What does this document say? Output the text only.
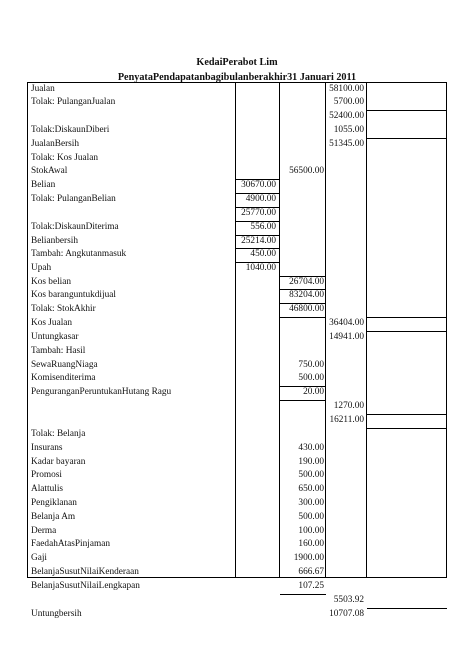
KedaiPerabot Lim
PenyataPendapatanbagibulanberakhir31 Januari 2011
Jualan	58100.00
Tolak: PulanganJualan	5700.00
52400.00
Tolak:DiskaunDiberi	1055.00
JualanBersih	51345.00
Tolak: Kos Jualan
StokAwal	56500.00
Belian	30670.00
Tolak: PulanganBelian	4900.00
25770.00
Tolak:DiskaunDiterima	556.00
Belianbersih	25214.00
Tambah: Angkutanmasuk	450.00
Upah	1040.00
Kos belian	26704.00
Kos baranguntukdijual	83204.00
Tolak: StokAkhir	46800.00
Kos Jualan	36404.00
Untungkasar	14941.00
Tambah: Hasil
SewaRuangNiaga	750.00
Komisenditerima	500.00
PenguranganPeruntukanHutang Ragu	20.00
1270.00
16211.00
Tolak: Belanja
Insurans	430.00
Kadar bayaran	190.00
Promosi	500.00
Alattulis	650.00
Pengiklanan	300.00
Belanja Am	500.00
Derma	100.00
FaedahAtasPinjaman	160.00
Gaji	1900.00
BelanjaSusutNilaiKenderaan	666.67
BelanjaSusutNilaiLengkapan	107.25
5503.92
Untungbersih	10707.08
